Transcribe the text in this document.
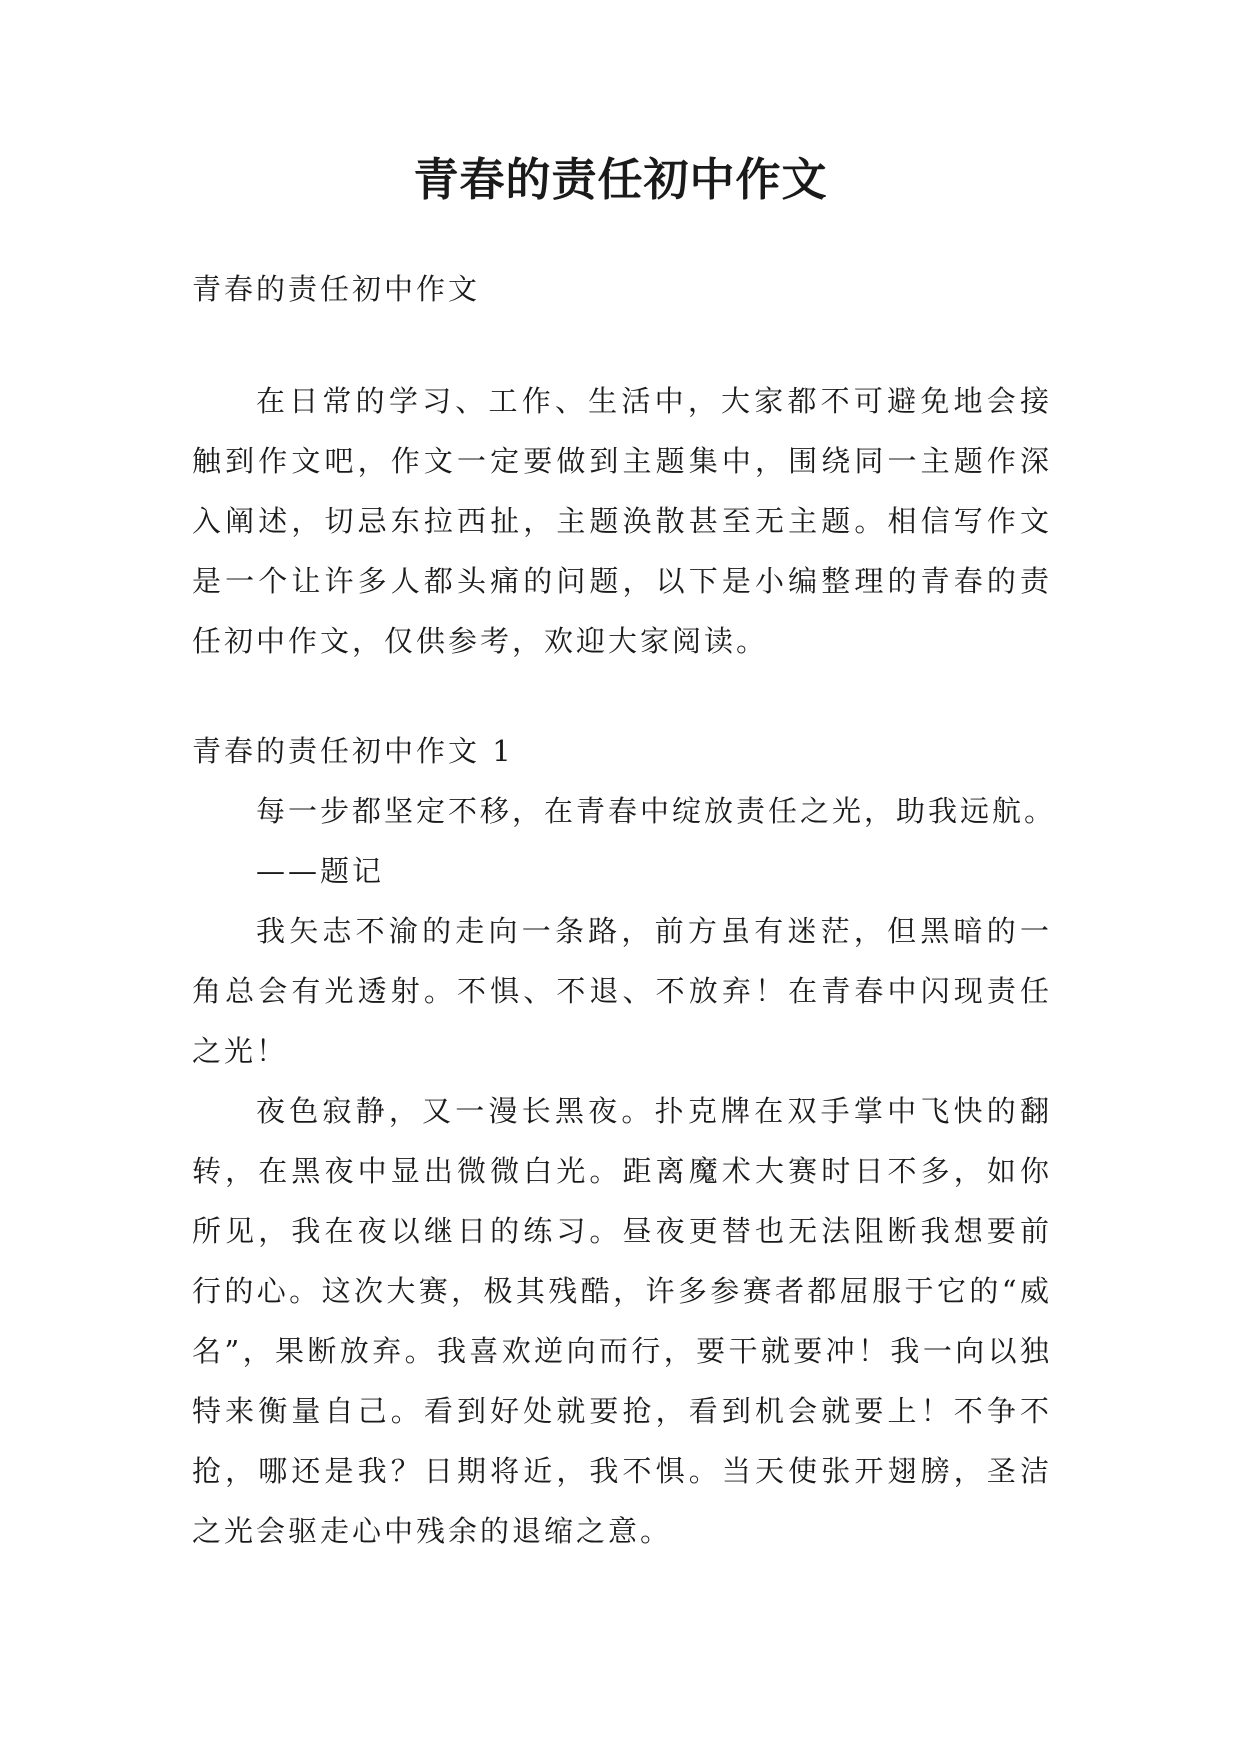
青春的责任初中作文

青春的责任初中作文

在日常的学习、工作、生活中，大家都不可避免地会接触到作文吧，作文一定要做到主题集中，围绕同一主题作深入阐述，切忌东拉西扯，主题涣散甚至无主题。相信写作文是一个让许多人都头痛的问题，以下是小编整理的青春的责任初中作文，仅供参考，欢迎大家阅读。

青春的责任初中作文 1

每一步都坚定不移，在青春中绽放责任之光，助我远航。

——题记

我矢志不渝的走向一条路，前方虽有迷茫，但黑暗的一角总会有光透射。不惧、不退、不放弃！在青春中闪现责任之光！

夜色寂静，又一漫长黑夜。扑克牌在双手掌中飞快的翻转，在黑夜中显出微微白光。距离魔术大赛时日不多，如你所见，我在夜以继日的练习。昼夜更替也无法阻断我想要前行的心。这次大赛，极其残酷，许多参赛者都屈服于它的“威名”，果断放弃。我喜欢逆向而行，要干就要冲！我一向以独特来衡量自己。看到好处就要抢，看到机会就要上！不争不抢，哪还是我？日期将近，我不惧。当天使张开翅膀，圣洁之光会驱走心中残余的退缩之意。
